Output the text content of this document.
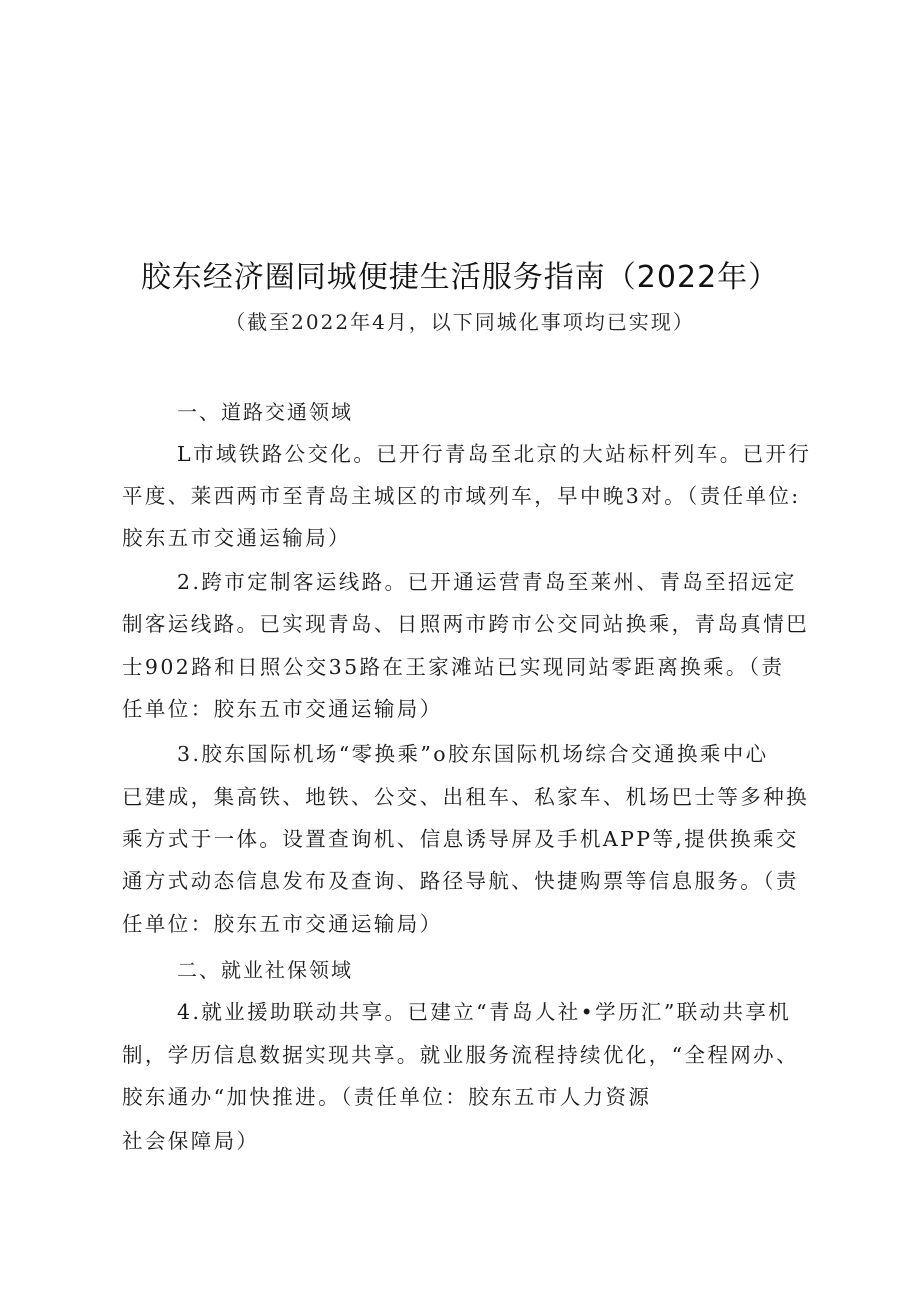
胶东经济圈同城便捷生活服务指南（2022年）
（截至2022年4月，以下同城化事项均已实现）
一、道路交通领域
L市域铁路公交化。已开行青岛至北京的大站标杆列车。已开行
平度、莱西两市至青岛主城区的市域列车，早中晚3对。（责任单位:
胶东五市交通运输局）
2.跨市定制客运线路。已开通运营青岛至莱州、青岛至招远定
制客运线路。已实现青岛、日照两市跨市公交同站换乘，青岛真情巴
士902路和日照公交35路在王家滩站已实现同站零距离换乘。（责
任单位：胶东五市交通运输局）
3.胶东国际机场“零换乘”o胶东国际机场综合交通换乘中心
已建成，集高铁、地铁、公交、出租车、私家车、机场巴士等多种换
乘方式于一体。设置查询机、信息诱导屏及手机APP等,提供换乘交
通方式动态信息发布及查询、路径导航、快捷购票等信息服务。（责
任单位：胶东五市交通运输局）
二、就业社保领域
4.就业援助联动共享。已建立“青岛人社•学历汇”联动共享机
制，学历信息数据实现共享。就业服务流程持续优化，“全程网办、
胶东通办“加快推进。（责任单位：胶东五市人力资源
社会保障局）
